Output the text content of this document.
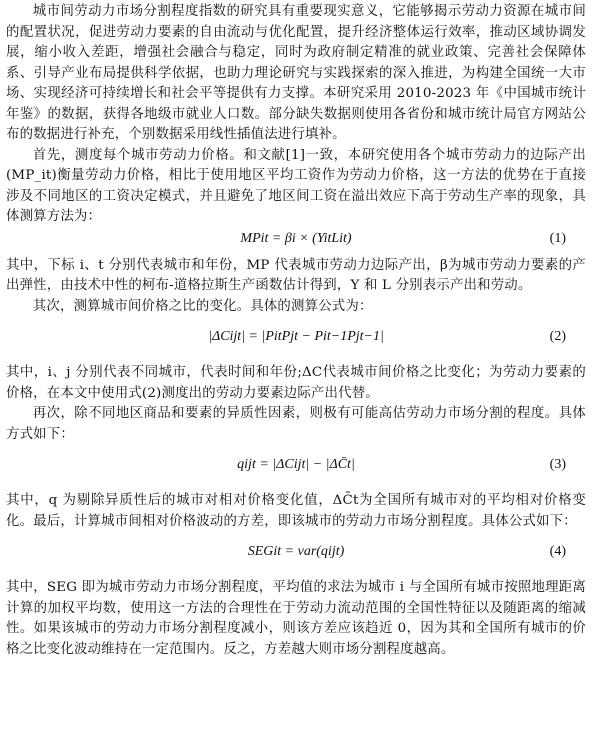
城市间劳动力市场分割程度指数的研究具有重要现实意义，它能够揭示劳动力资源在城市间的配置状况，促进劳动力要素的自由流动与优化配置，提升经济整体运行效率，推动区域协调发展，缩小收入差距，增强社会融合与稳定，同时为政府制定精准的就业政策、完善社会保障体系、引导产业布局提供科学依据，也助力理论研究与实践探索的深入推进，为构建全国统一大市场、实现经济可持续增长和社会平等提供有力支撑。本研究采用 2010-2023 年《中国城市统计年鉴》的数据，获得各地级市就业人口数。部分缺失数据则使用各省份和城市统计局官方网站公布的数据进行补充，个别数据采用线性插值法进行填补。

首先，测度每个城市劳动力价格。和文献[1]一致，本研究使用各个城市劳动力的边际产出 (MP_it)衡量劳动力价格，相比于使用地区平均工资作为劳动力价格，这一方法的优势在于直接涉及不同地区的工资决定模式，并且避免了地区间工资在溢出效应下高于劳动生产率的现象，具体测算方法为：

MPit = βi × (YitLit)	(1)

其中，下标 i、t 分别代表城市和年份，MP 代表城市劳动力边际产出，β为城市劳动力要素的产出弹性，由技术中性的柯布-道格拉斯生产函数估计得到，Y 和 L 分别表示产出和劳动。

其次，测算城市间价格之比的变化。具体的测算公式为：

|ΔCijt| = |PitPjt − Pit−1Pjt−1|	(2)

其中，i、j 分别代表不同城市，代表时间和年份;ΔC代表城市间价格之比变化；为劳动力要素的价格，在本文中使用式(2)测度出的劳动力要素边际产出代替。

再次，除不同地区商品和要素的异质性因素，则极有可能高估劳动力市场分割的程度。具体方式如下：

qijt = |ΔCijt| − |ΔC̄t|	(3)

其中，q 为剔除异质性后的城市对相对价格变化值，ΔC̄t为全国所有城市对的平均相对价格变化。最后，计算城市间相对价格波动的方差，即该城市的劳动力市场分割程度。具体公式如下：

SEGit = var(qijt)	(4)

其中，SEG 即为城市劳动力市场分割程度，平均值的求法为城市 i 与全国所有城市按照地理距离计算的加权平均数，使用这一方法的合理性在于劳动力流动范围的全国性特征以及随距离的缩减性。如果该城市的劳动力市场分割程度减小，则该方差应该趋近 0，因为其和全国所有城市的价格之比变化波动维持在一定范围内。反之，方差越大则市场分割程度越高。
